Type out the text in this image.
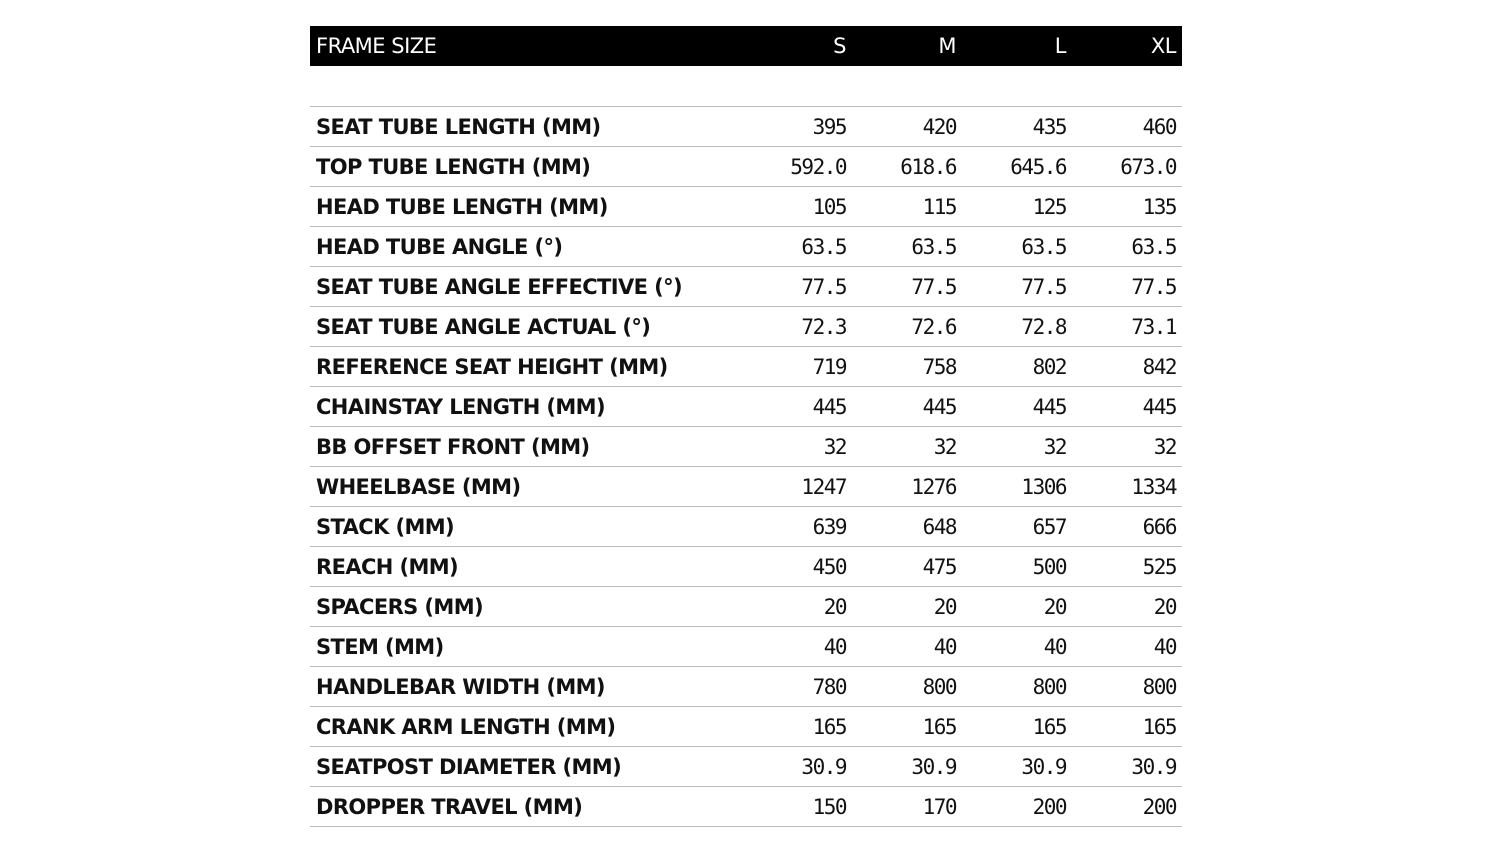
FRAME SIZE	S	M	L	XL

SEAT TUBE LENGTH (MM)	395	420	435	460
TOP TUBE LENGTH (MM)	592.0	618.6	645.6	673.0
HEAD TUBE LENGTH (MM)	105	115	125	135
HEAD TUBE ANGLE (°)	63.5	63.5	63.5	63.5
SEAT TUBE ANGLE EFFECTIVE (°)	77.5	77.5	77.5	77.5
SEAT TUBE ANGLE ACTUAL (°)	72.3	72.6	72.8	73.1
REFERENCE SEAT HEIGHT (MM)	719	758	802	842
CHAINSTAY LENGTH (MM)	445	445	445	445
BB OFFSET FRONT (MM)	32	32	32	32
WHEELBASE (MM)	1247	1276	1306	1334
STACK (MM)	639	648	657	666
REACH (MM)	450	475	500	525
SPACERS (MM)	20	20	20	20
STEM (MM)	40	40	40	40
HANDLEBAR WIDTH (MM)	780	800	800	800
CRANK ARM LENGTH (MM)	165	165	165	165
SEATPOST DIAMETER (MM)	30.9	30.9	30.9	30.9
DROPPER TRAVEL (MM)	150	170	200	200
